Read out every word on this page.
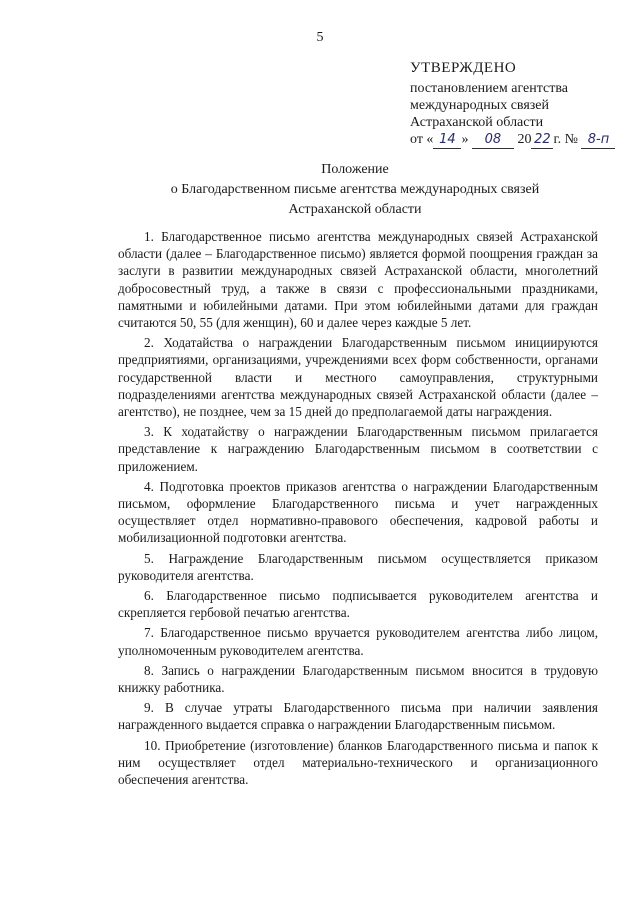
5
УТВЕРЖДЕНО
постановлением агентства
международных связей
Астраханской области
от « 14 » 08 20 22 г. № 8-п
Положение
о Благодарственном письме агентства международных связей
Астраханской области

1. Благодарственное письмо агентства международных связей Астраханской области (далее – Благодарственное письмо) является формой поощрения граждан за заслуги в развитии международных связей Астраханской области, многолетний добросовестный труд, а также в связи с профессиональными праздниками, памятными и юбилейными датами. При этом юбилейными датами для граждан считаются 50, 55 (для женщин), 60 и далее через каждые 5 лет.

2. Ходатайства о награждении Благодарственным письмом инициируются предприятиями, организациями, учреждениями всех форм собственности, органами государственной власти и местного самоуправления, структурными подразделениями агентства международных связей Астраханской области (далее – агентство), не позднее, чем за 15 дней до предполагаемой даты награждения.

3. К ходатайству о награждении Благодарственным письмом прилагается представление к награждению Благодарственным письмом в соответствии с приложением.

4. Подготовка проектов приказов агентства о награждении Благодарственным письмом, оформление Благодарственного письма и учет награжденных осуществляет отдел нормативно-правового обеспечения, кадровой работы и мобилизационной подготовки агентства.

5. Награждение Благодарственным письмом осуществляется приказом руководителя агентства.

6. Благодарственное письмо подписывается руководителем агентства и скрепляется гербовой печатью агентства.

7. Благодарственное письмо вручается руководителем агентства либо лицом, уполномоченным руководителем агентства.

8. Запись о награждении Благодарственным письмом вносится в трудовую книжку работника.

9. В случае утраты Благодарственного письма при наличии заявления награжденного выдается справка о награждении Благодарственным письмом.

10. Приобретение (изготовление) бланков Благодарственного письма и папок к ним осуществляет отдел материально-технического и организационного обеспечения агентства.
